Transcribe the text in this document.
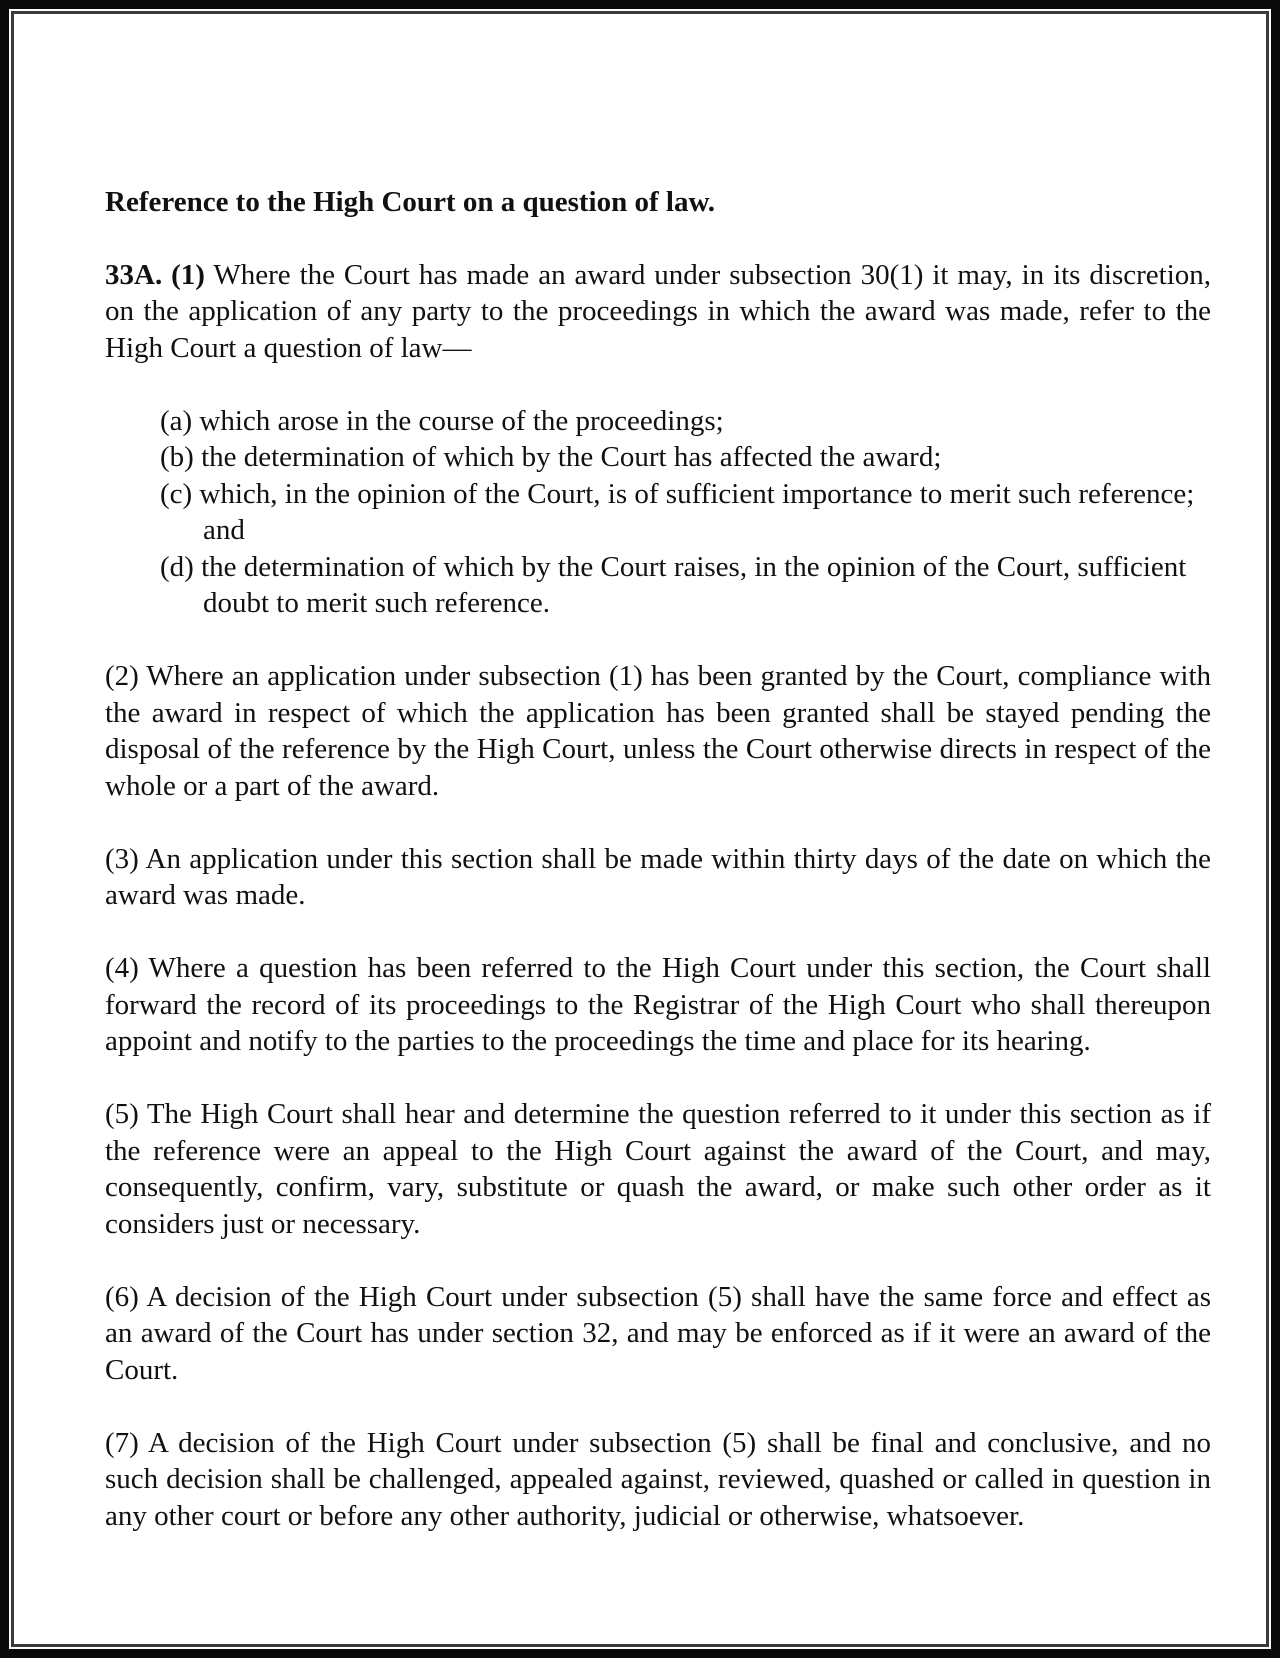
Reference to the High Court on a question of law.

33A. (1) Where the Court has made an award under subsection 30(1) it may, in its discretion, on the application of any party to the proceedings in which the award was made, refer to the High Court a question of law—

(a) which arose in the course of the proceedings;
(b) the determination of which by the Court has affected the award;
(c) which, in the opinion of the Court, is of sufficient importance to merit such reference; and
(d) the determination of which by the Court raises, in the opinion of the Court, sufficient doubt to merit such reference.

(2) Where an application under subsection (1) has been granted by the Court, compliance with the award in respect of which the application has been granted shall be stayed pending the disposal of the reference by the High Court, unless the Court otherwise directs in respect of the whole or a part of the award.

(3) An application under this section shall be made within thirty days of the date on which the award was made.

(4) Where a question has been referred to the High Court under this section, the Court shall forward the record of its proceedings to the Registrar of the High Court who shall thereupon appoint and notify to the parties to the proceedings the time and place for its hearing.

(5) The High Court shall hear and determine the question referred to it under this section as if the reference were an appeal to the High Court against the award of the Court, and may, consequently, confirm, vary, substitute or quash the award, or make such other order as it considers just or necessary.

(6) A decision of the High Court under subsection (5) shall have the same force and effect as an award of the Court has under section 32, and may be enforced as if it were an award of the Court.

(7) A decision of the High Court under subsection (5) shall be final and conclusive, and no such decision shall be challenged, appealed against, reviewed, quashed or called in question in any other court or before any other authority, judicial or otherwise, whatsoever.
